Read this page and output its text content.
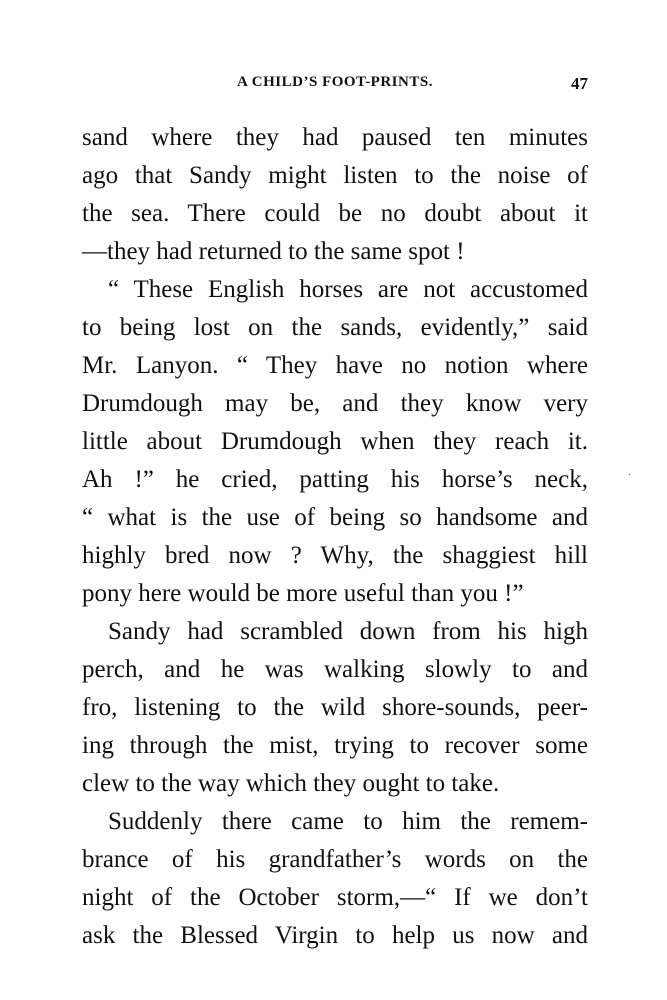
A CHILD’S FOOT-PRINTS.	47
sand where they had paused ten minutes
ago that Sandy might listen to the noise of
the sea. There could be no doubt about it
—they had returned to the same spot !
“ These English horses are not accustomed
to being lost on the sands, evidently,” said
Mr. Lanyon. “ They have no notion where
Drumdough may be, and they know very
little about Drumdough when they reach it.
Ah !” he cried, patting his horse’s neck,
“ what is the use of being so handsome and
highly bred now ? Why, the shaggiest hill
pony here would be more useful than you !”
Sandy had scrambled down from his high
perch, and he was walking slowly to and
fro, listening to the wild shore-sounds, peer-
ing through the mist, trying to recover some
clew to the way which they ought to take.
Suddenly there came to him the remem-
brance of his grandfather’s words on the
night of the October storm,—“ If we don’t
ask the Blessed Virgin to help us now and
·
